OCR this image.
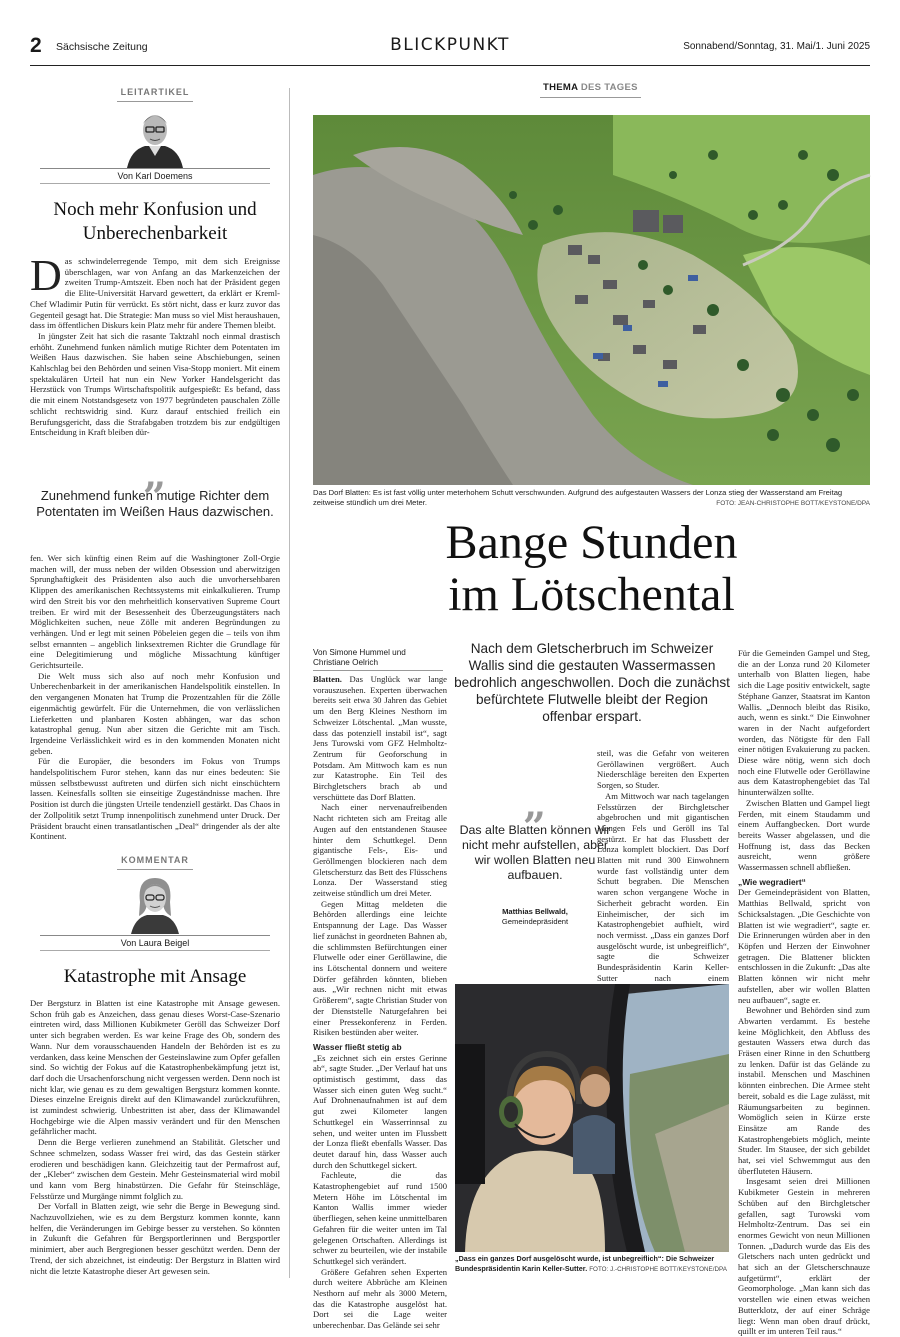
2 Sächsische Zeitung	BLICKPUNKT	Sonnabend/Sonntag, 31. Mai/1. Juni 2025
LEITARTIKEL
Von Karl Doemens
Noch mehr Konfusion und Unberechenbarkeit

Das schwindelerregende Tempo, mit dem sich Ereignisse überschlagen, war von Anfang an das Markenzeichen der zweiten Trump-Amtszeit. Eben noch hat der Präsident gegen die Elite-Universität Harvard gewettert, da erklärt er Kreml-Chef Wladimir Putin für verrückt. Es stört nicht, dass er kurz zuvor das Gegenteil gesagt hat. Die Strategie: Man muss so viel Mist heraushauen, dass im öffentlichen Diskurs kein Platz mehr für andere Themen bleibt.

In jüngster Zeit hat sich die rasante Taktzahl noch einmal drastisch erhöht. Zunehmend funken nämlich mutige Richter dem Potentaten im Weißen Haus dazwischen. Sie haben seine Abschiebungen, seinen Kahlschlag bei den Behörden und seinen Visa-Stopp moniert. Mit einem spektakulären Urteil hat nun ein New Yorker Handelsgericht das Herzstück von Trumps Wirtschaftspolitik aufgespießt: Es befand, dass die mit einem Notstandsgesetz von 1977 begründeten pauschalen Zölle schlicht rechtswidrig sind. Kurz darauf entschied freilich ein Berufungsgericht, dass die Strafabgaben trotzdem bis zur endgültigen Entscheidung in Kraft bleiben dür-

„
Zunehmend funken mutige Richter dem Potentaten im Weißen Haus dazwischen.

fen. Wer sich künftig einen Reim auf die Washingtoner Zoll-Orgie machen will, der muss neben der wilden Obsession und aberwitzigen Sprunghaftigkeit des Präsidenten also auch die unvorhersehbaren Klippen des amerikanischen Rechtssystems mit einkalkulieren. Trump wird den Streit bis vor den mehrheitlich konservativen Supreme Court treiben. Er wird mit der Besessenheit des Überzeugungstäters nach Möglichkeiten suchen, neue Zölle mit anderen Begründungen zu verhängen. Und er legt mit seinen Pöbeleien gegen die – teils von ihm selbst ernannten – angeblich linksextremen Richter die Grundlage für eine Delegitimierung und mögliche Missachtung künftiger Gerichtsurteile.

Die Welt muss sich also auf noch mehr Konfusion und Unberechenbarkeit in der amerikanischen Handelspolitik einstellen. In den vergangenen Monaten hat Trump die Prozentzahlen für die Zölle eigenmächtig gewürfelt. Für die Unternehmen, die von verlässlichen Lieferketten und planbaren Kosten abhängen, war das schon katastrophal genug. Nun aber sitzen die Gerichte mit am Tisch. Irgendeine Verlässlichkeit wird es in den kommenden Monaten nicht geben.

Für die Europäer, die besonders im Fokus von Trumps handelspolitischem Furor stehen, kann das nur eines bedeuten: Sie müssen selbstbewusst auftreten und dürfen sich nicht einschüchtern lassen. Keinesfalls sollten sie einseitige Zugeständnisse machen. Ihre Position ist durch die jüngsten Urteile tendenziell gestärkt. Das Chaos in der Zollpolitik setzt Trump innenpolitisch zunehmend unter Druck. Der Präsident braucht einen transatlantischen „Deal“ dringender als der alte Kontinent.

KOMMENTAR
Von Laura Beigel
Katastrophe mit Ansage

Der Bergsturz in Blatten ist eine Katastrophe mit Ansage gewesen. Schon früh gab es Anzeichen, dass genau dieses Worst-Case-Szenario eintreten wird, dass Millionen Kubikmeter Geröll das Schweizer Dorf unter sich begraben werden. Es war keine Frage des Ob, sondern des Wann. Nur dem vorausschauenden Handeln der Behörden ist es zu verdanken, dass keine Menschen der Gesteinslawine zum Opfer gefallen sind. So wichtig der Fokus auf die Katastrophenbekämpfung jetzt ist, darf doch die Ursachenforschung nicht vergessen werden. Denn noch ist nicht klar, wie genau es zu dem gewaltigen Bergsturz kommen konnte. Dieses einzelne Ereignis direkt auf den Klimawandel zurückzuführen, ist zumindest schwierig. Unbestritten ist aber, dass der Klimawandel Hochgebirge wie die Alpen massiv verändert und für den Menschen gefährlicher macht.

Denn die Berge verlieren zunehmend an Stabilität. Gletscher und Schnee schmelzen, sodass Wasser frei wird, das das Gestein stärker erodieren und beschädigen kann. Gleichzeitig taut der Permafrost auf, der „Kleber“ zwischen dem Gestein. Mehr Gesteinsmaterial wird mobil und kann vom Berg hinabstürzen. Die Gefahr für Steinschläge, Felsstürze und Murgänge nimmt folglich zu.

Der Vorfall in Blatten zeigt, wie sehr die Berge in Bewegung sind. Nachzuvollziehen, wie es zu dem Bergsturz kommen konnte, kann helfen, die Veränderungen im Gebirge besser zu verstehen. So könnten in Zukunft die Gefahren für Bergsportlerinnen und Bergsportler minimiert, aber auch Bergregionen besser geschützt werden. Denn der Trend, der sich abzeichnet, ist eindeutig: Der Bergsturz in Blatten wird nicht die letzte Katastrophe dieser Art gewesen sein.

THEMA DES TAGES
Das Dorf Blatten: Es ist fast völlig unter meterhohem Schutt verschwunden. Aufgrund des aufgestauten Wassers der Lonza stieg der Wasserstand am Freitag zeitweise stündlich um drei Meter.	FOTO: JEAN-CHRISTOPHE BOTT/KEYSTONE/DPA
Bange Stunden
im Lötschental
Von Simone Hummel und Christiane Oelrich
Nach dem Gletscherbruch im Schweizer Wallis sind die gestauten Wassermassen bedrohlich angeschwollen. Doch die zunächst befürchtete Flutwelle bleibt der Region offenbar erspart.

Blatten. Das Unglück war lange vorauszusehen. Experten überwachen bereits seit etwa 30 Jahren das Gebiet um den Berg Kleines Nesthorn im Schweizer Lötschental. „Man wusste, dass das potenziell instabil ist“, sagt Jens Turowski vom GFZ Helmholtz-Zentrum für Geoforschung in Potsdam. Am Mittwoch kam es nun zur Katastrophe. Ein Teil des Birchgletschers brach ab und verschüttete das Dorf Blatten.

Nach einer nervenaufreibenden Nacht richteten sich am Freitag alle Augen auf den entstandenen Stausee hinter dem Schuttkegel. Denn gigantische Fels-, Eis- und Geröllmengen blockieren nach dem Gletschersturz das Bett des Flüsschens Lonza. Der Wasserstand stieg zeitweise stündlich um drei Meter.

Gegen Mittag meldeten die Behörden allerdings eine leichte Entspannung der Lage. Das Wasser lief zunächst in geordneten Bahnen ab, die schlimmsten Befürchtungen einer Flutwelle oder einer Geröllawine, die ins Lötschental donnern und weitere Dörfer gefährden könnten, blieben aus. „Wir rechnen nicht mit etwas Größerem“, sagte Christian Studer von der Dienststelle Naturgefahren bei einer Pressekonferenz in Ferden. Risiken bestünden aber weiter.

Wasser fließt stetig ab

„Es zeichnet sich ein erstes Gerinne ab“, sagte Studer. „Der Verlauf hat uns optimistisch gestimmt, dass das Wasser sich einen guten Weg sucht.“ Auf Drohnenaufnahmen ist auf dem gut zwei Kilometer langen Schuttkegel ein Wasserrinnsal zu sehen, und weiter unten im Flussbett der Lonza fließt ebenfalls Wasser. Das deutet darauf hin, dass Wasser auch durch den Schuttkegel sickert.

Fachleute, die das Katastrophengebiet auf rund 1500 Metern Höhe im Lötschental im Kanton Wallis immer wieder überfliegen, sehen keine unmittelbaren Gefahren für die weiter unten im Tal gelegenen Ortschaften. Allerdings ist schwer zu beurteilen, wie der instabile Schuttkegel sich verändert.

Größere Gefahren sehen Experten durch weitere Abbrüche am Kleinen Nesthorn auf mehr als 3000 Metern, das die Katastrophe ausgelöst hat. Dort sei die Lage weiter unberechenbar. Das Gelände sei sehr

steil, was die Gefahr von weiteren Geröllawinen vergrößert. Auch Niederschläge bereiten den Experten Sorgen, so Studer.

Am Mittwoch war nach tagelangen Felsstürzen der Birchgletscher abgebrochen und mit gigantischen Mengen Fels und Geröll ins Tal gestürzt. Er hat das Flussbett der Lonza komplett blockiert. Das Dorf Blatten mit rund 300 Einwohnern wurde fast vollständig unter dem Schutt begraben. Die Menschen waren schon vergangene Woche in Sicherheit gebracht worden. Ein Einheimischer, der sich im Katastrophengebiet aufhielt, wird noch vermisst. „Dass ein ganzes Dorf ausgelöscht wurde, ist unbegreiflich“, sagte die Schweizer Bundespräsidentin Karin Keller-Sutter nach einem

„
Das alte Blatten können wir nicht mehr aufstellen, aber wir wollen Blatten neu aufbauen.
Matthias Bellwald,
Gemeindepräsident
„Dass ein ganzes Dorf ausgelöscht wurde, ist unbegreiflich“: Die Schweizer Bundespräsidentin Karin Keller-Sutter. FOTO: J.-CHRISTOPHE BOTT/KEYSTONE/DPA

Für die Gemeinden Gampel und Steg, die an der Lonza rund 20 Kilometer unterhalb von Blatten liegen, habe sich die Lage positiv entwickelt, sagte Stéphane Ganzer, Staatsrat im Kanton Wallis. „Dennoch bleibt das Risiko, auch, wenn es sinkt.“ Die Einwohner waren in der Nacht aufgefordert worden, das Nötigste für den Fall einer nötigen Evakuierung zu packen. Diese wäre nötig, wenn sich doch noch eine Flutwelle oder Geröllawine aus dem Katastrophengebiet das Tal hinunterwälzen sollte.

Zwischen Blatten und Gampel liegt Ferden, mit einem Staudamm und einem Auffangbecken. Dort wurde bereits Wasser abgelassen, und die Hoffnung ist, dass das Becken ausreicht, wenn größere Wassermassen schnell abfließen.

„Wie wegradiert“

Der Gemeindepräsident von Blatten, Matthias Bellwald, spricht von Schicksalstagen. „Die Geschichte von Blatten ist wie wegradiert“, sagte er. Die Erinnerungen würden aber in den Köpfen und Herzen der Einwohner getragen. Die Blattener blickten entschlossen in die Zukunft: „Das alte Blatten können wir nicht mehr aufstellen, aber wir wollen Blatten neu aufbauen“, sagte er.

Bewohner und Behörden sind zum Abwarten verdammt. Es bestehe keine Möglichkeit, den Abfluss des gestauten Wassers etwa durch das Fräsen einer Rinne in den Schuttberg zu lenken. Dafür ist das Gelände zu instabil. Menschen und Maschinen könnten einbrechen. Die Armee steht bereit, sobald es die Lage zulässt, mit Räumungsarbeiten zu beginnen. Womöglich seien in Kürze erste Einsätze am Rande des Katastrophengebiets möglich, meinte Studer. Im Stausee, der sich gebildet hat, sei viel Schwemmgut aus den überfluteten Häusern.

Insgesamt seien drei Millionen Kubikmeter Gestein in mehreren Schüben auf den Birchgletscher gefallen, sagt Turowski vom Helmholtz-Zentrum. Das sei ein enormes Gewicht von neun Millionen Tonnen. „Dadurch wurde das Eis des Gletschers nach unten gedrückt und hat sich an der Gletscherschnauze aufgetürmt“, erklärt der Geomorphologe. „Man kann sich das vorstellen wie einen etwas weichen Butterklotz, der auf einer Schräge liegt: Wenn man oben drauf drückt, quillt er im unteren Teil raus.“
